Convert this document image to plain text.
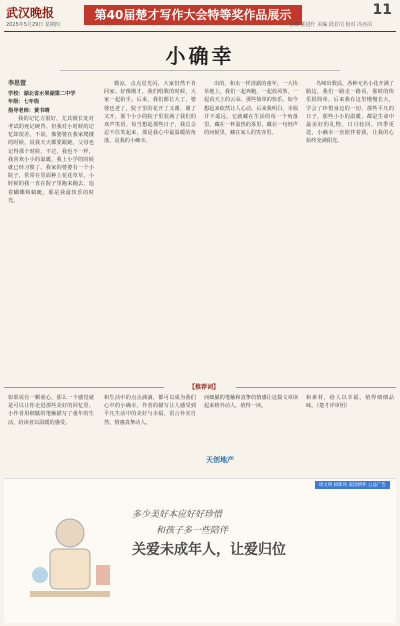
武汉晚报
2025年5月29日 星期四
第40届楚才写作大会特等奖作品展示	11
责编 郭进什 美编 段若司 校对 冯亦泊
小确幸
李思萱
学校：湖北省水果湖第二中学
年级：七年级
指导老师：黄书晴

我的记忆力很好，尤其擅长处对考试的死记硬背。但我对小时候的记忆却很差，不说，像婆婆在我家爬楼的时候，说我天天都要跟她，父母也记得那个时候，不过，我也不一样，我喜欢小小的温暖，我上小学的时候就已经习惯了。我家的婆婆有一个小院子，常常在里面种上花花草草，小时候的我一直在院子里跑来跑去，追着蝴蝶和蜻蜓，那是我最快乐的时光。

微凉，点点星光闪，大家仍然不肯回家。好像刚才，我们唱歌的时候，大家一起拍手。后来，我们都长大了，婆婆也老了，院子里的花开了又谢，谢了又开，那个小小的院子里装满了我们的欢声笑语。每当想起那些日子，我总会忍不住笑起来，那是我心中最温暖的角落，是我的小确幸。

出的，和水一样清澈的童年，一大块草地上，我们一起奔跑，一起放风筝，一起看天上的云朵。那些简单的快乐，如今想起来依然让人心动。后来我明白，幸福并不遥远，它就藏在生活的每一个角落里，藏在一杯温热的茶里，藏在一句轻声的问候里，藏在家人的笑容里。

鸟啼出歌谣，各种无名小花开满了路边，我们一路走一路看，那时的快乐很简单。后来我在这里慢慢长大，学会了珍惜身边的一切，那些平凡的日子，那些小小的温暖，都是生命中最美好的礼物。日月轮回，四季更迭，小确幸一直陪伴着我，让我的心始终充满阳光。

【推荐词】
如果说有一颗童心，那么一个感觉就是可以让你走进那些美好的回忆里。小作者用细腻的笔触描写了童年的生活，给读者以温暖的感受。
和生活中的点点滴滴，都可以成为我们心中的小确幸。作者的描写让人感受到平凡生活中的美好与幸福，语言朴实自然，情感真挚动人。
而细腻的笔触和真挚的情感让这篇文章读起来格外动人，值得一读。
和素材，给人以幸福，值得细细品味。（楚才评审团）
天创地产
请文明 树新风 家国情怀 公益广告
多少美好本应好好珍惜
和孩子多一些陪伴
关爱未成年人，让爱归位
